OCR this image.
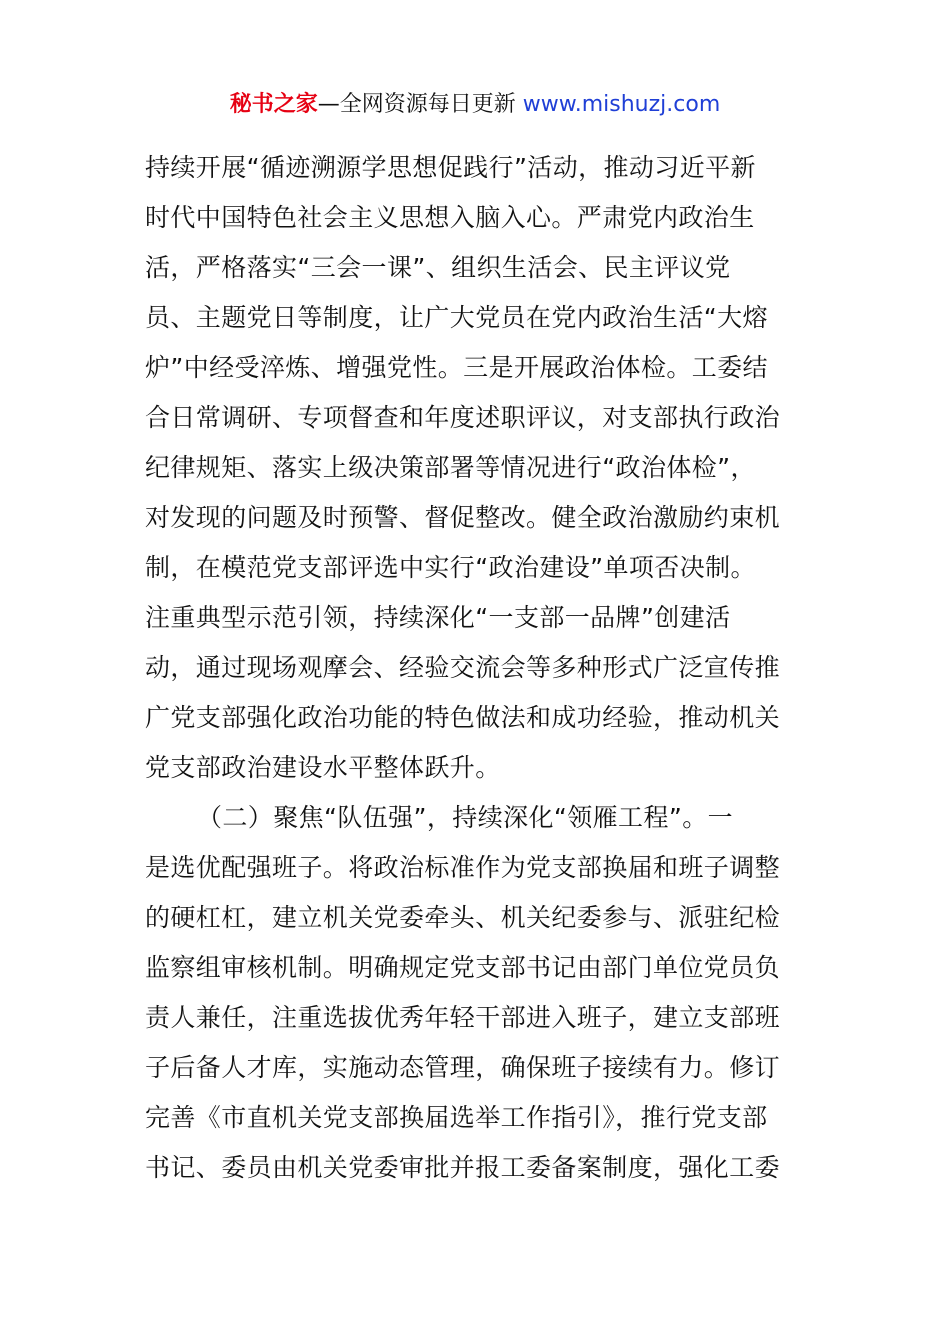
秘书之家—全网资源每日更新 www.mishuzj.com
持续开展“循迹溯源学思想促践行”活动，推动习近平新
时代中国特色社会主义思想入脑入心。严肃党内政治生
活，严格落实“三会一课”、组织生活会、民主评议党
员、主题党日等制度，让广大党员在党内政治生活“大熔
炉”中经受淬炼、增强党性。三是开展政治体检。工委结
合日常调研、专项督查和年度述职评议，对支部执行政治
纪律规矩、落实上级决策部署等情况进行“政治体检”，
对发现的问题及时预警、督促整改。健全政治激励约束机
制，在模范党支部评选中实行“政治建设”单项否决制。
注重典型示范引领，持续深化“一支部一品牌”创建活
动，通过现场观摩会、经验交流会等多种形式广泛宣传推
广党支部强化政治功能的特色做法和成功经验，推动机关
党支部政治建设水平整体跃升。
（二）聚焦“队伍强”，持续深化“领雁工程”。一
是选优配强班子。将政治标准作为党支部换届和班子调整
的硬杠杠，建立机关党委牵头、机关纪委参与、派驻纪检
监察组审核机制。明确规定党支部书记由部门单位党员负
责人兼任，注重选拔优秀年轻干部进入班子，建立支部班
子后备人才库，实施动态管理，确保班子接续有力。修订
完善《市直机关党支部换届选举工作指引》，推行党支部
书记、委员由机关党委审批并报工委备案制度，强化工委
